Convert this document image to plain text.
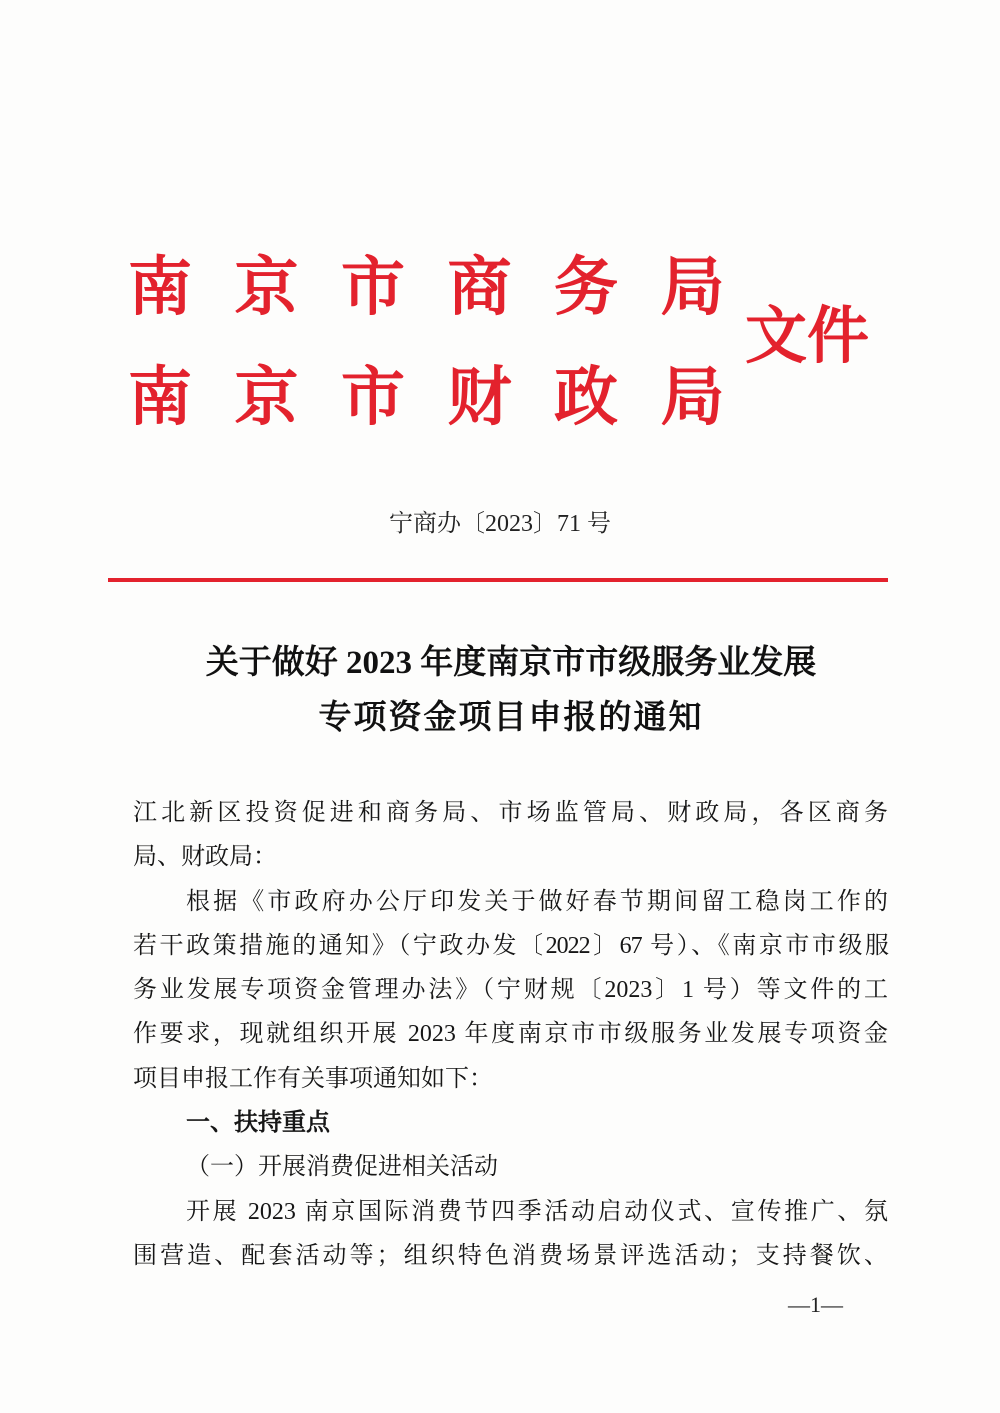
南京市商务局
南京市财政局
文件
宁商办〔2023〕71 号
关于做好 2023 年度南京市市级服务业发展
专项资金项目申报的通知
江北新区投资促进和商务局、市场监管局、财政局，各区商务
局、财政局：
根据《市政府办公厅印发关于做好春节期间留工稳岗工作的
若干政策措施的通知》（宁政办发〔2022〕67 号）、《南京市市级服
务业发展专项资金管理办法》（宁财规〔2023〕1 号）等文件的工
作要求，现就组织开展 2023 年度南京市市级服务业发展专项资金
项目申报工作有关事项通知如下：
一、扶持重点
（一）开展消费促进相关活动
开展 2023 南京国际消费节四季活动启动仪式、宣传推广、氛
围营造、配套活动等；组织特色消费场景评选活动；支持餐饮、
—1—
